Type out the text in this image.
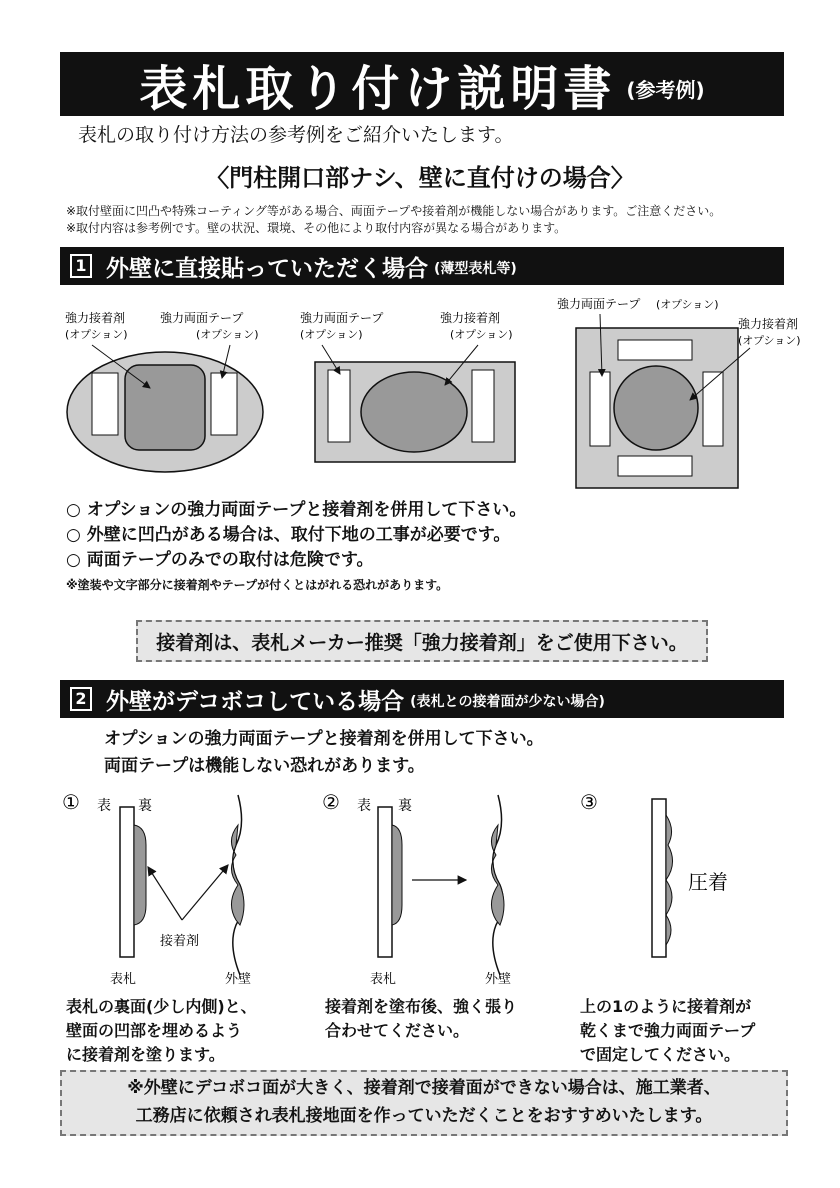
表札取り付け説明書 (参考例)
表札の取り付け方法の参考例をご紹介いたします。
〈門柱開口部ナシ、壁に直付けの場合〉
※取付壁面に凹凸や特殊コーティング等がある場合、両面テープや接着剤が機能しない場合があります。ご注意ください。
※取付内容は参考例です。壁の状況、環境、その他により取付内容が異なる場合があります。
1 外壁に直接貼っていただく場合 (薄型表札等)
強力接着剤
(オプション)
強力両面テープ
(オプション)
強力両面テープ
(オプション)
強力接着剤
(オプション)
強力両面テープ (オプション)
強力接着剤
(オプション)
○ オプションの強力両面テープと接着剤を併用して下さい。
○ 外壁に凹凸がある場合は、取付下地の工事が必要です。
○ 両面テープのみでの取付は危険です。
※塗装や文字部分に接着剤やテープが付くとはがれる恐れがあります。
接着剤は、表札メーカー推奨「強力接着剤」をご使用下さい。
2 外壁がデコボコしている場合 (表札との接着面が少ない場合)
オプションの強力両面テープと接着剤を併用して下さい。
両面テープは機能しない恐れがあります。
① 表 裏
接着剤
表札	外壁
② 表 裏
表札	外壁
③
圧着
表札の裏面(少し内側)と、
壁面の凹部を埋めるよう
に接着剤を塗ります。
接着剤を塗布後、強く張り
合わせてください。
上の1のように接着剤が
乾くまで強力両面テープ
で固定してください。
※外壁にデコボコ面が大きく、接着剤で接着面ができない場合は、施工業者、
工務店に依頼され表札接地面を作っていただくことをおすすめいたします。
